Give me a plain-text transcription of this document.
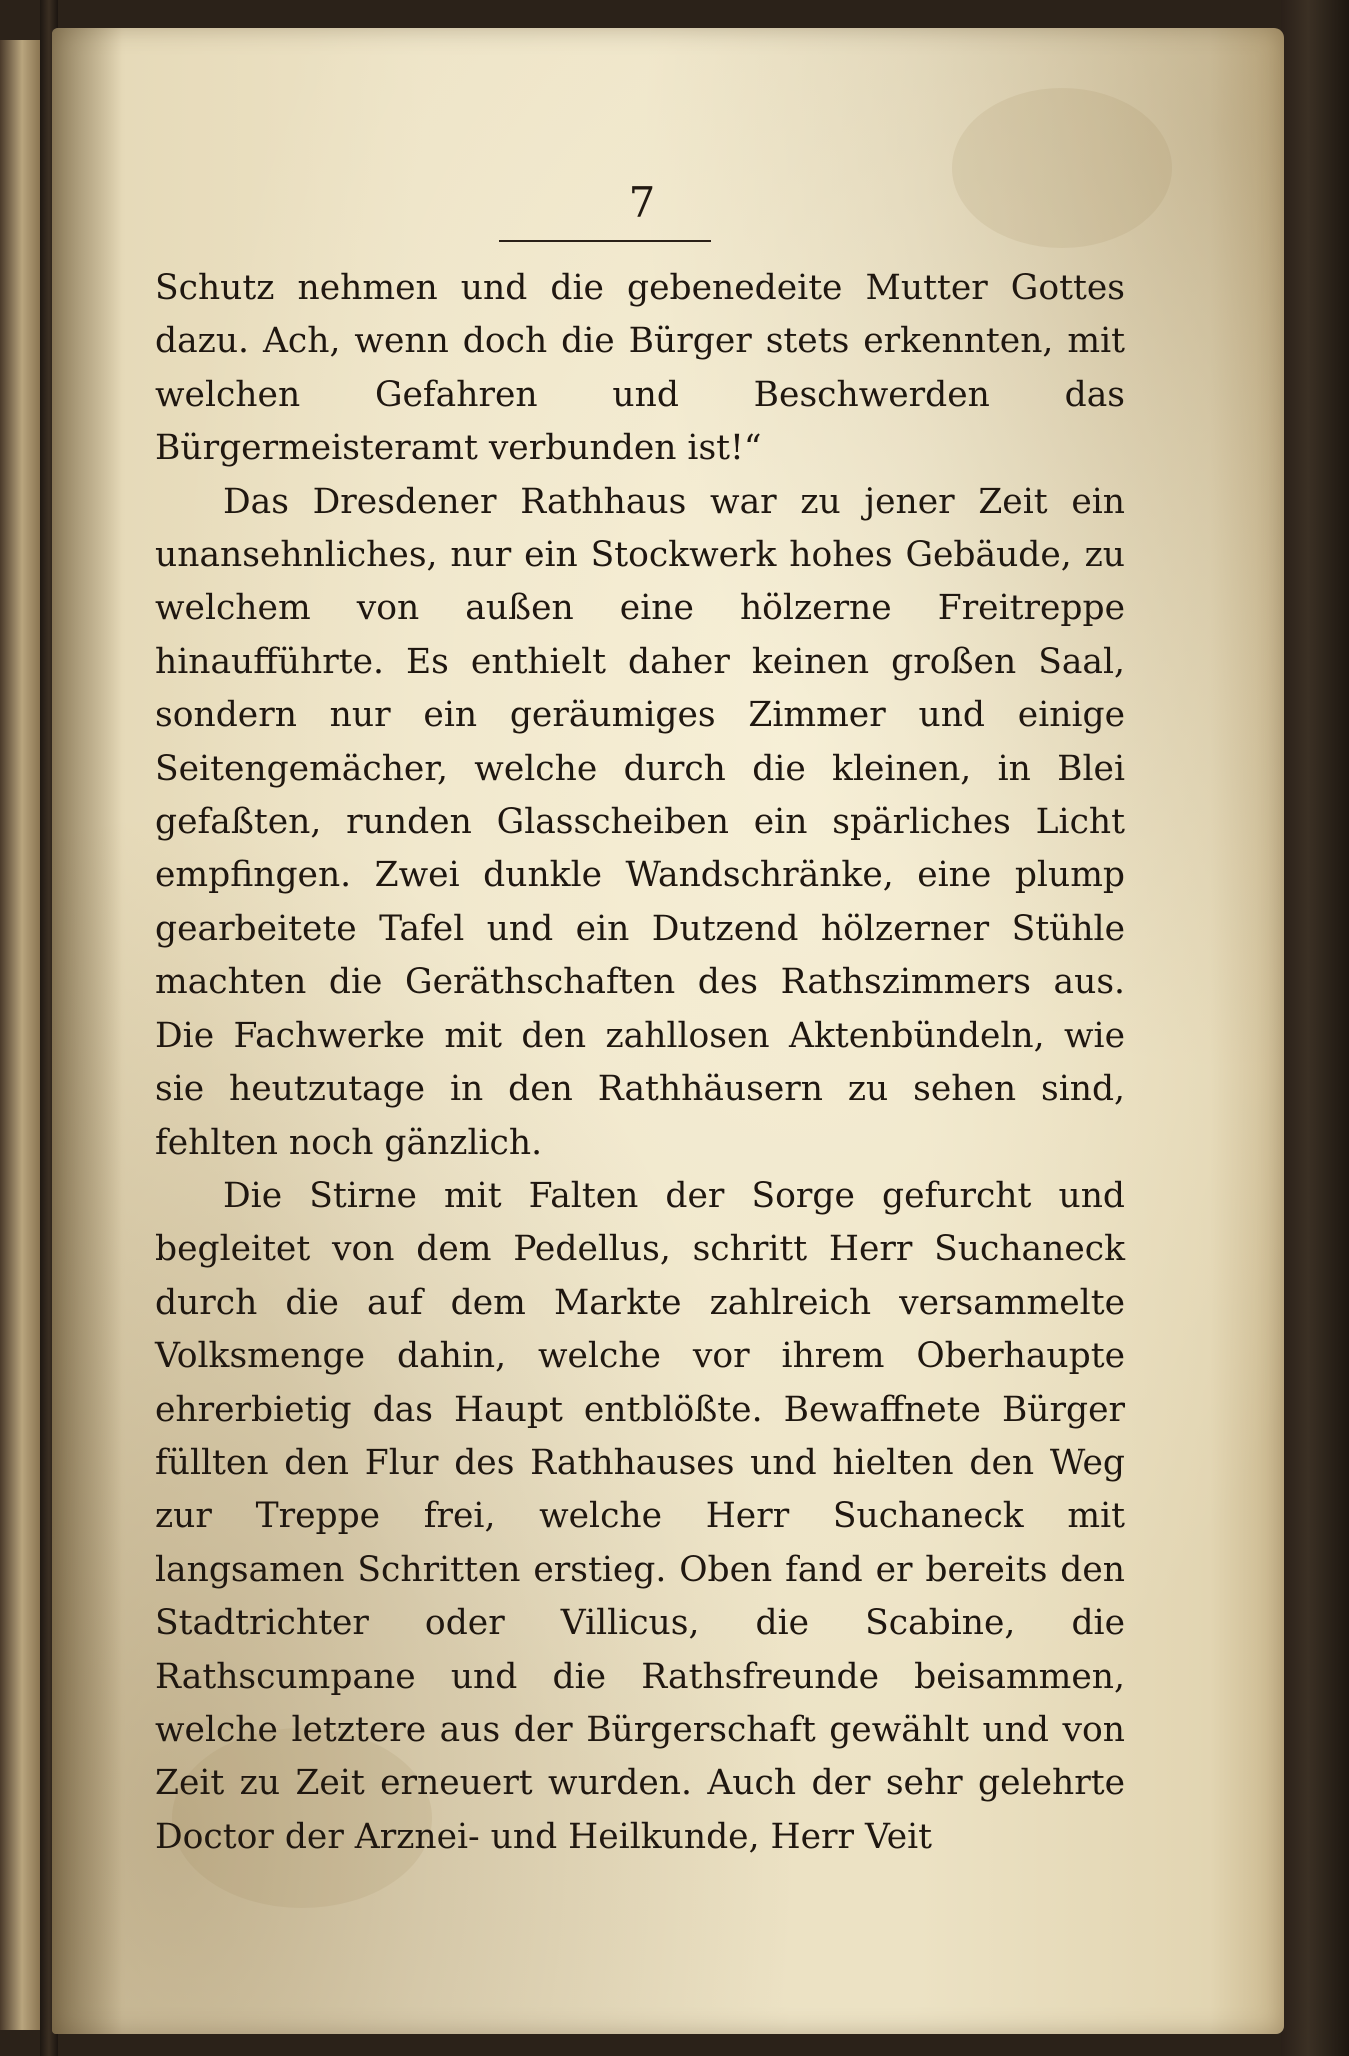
7

Schutz nehmen und die gebenedeite Mutter Gottes dazu. Ach, wenn doch die Bürger stets erkennten, mit welchen Gefahren und Beschwerden das Bürgermeisteramt verbunden ist!“

Das Dresdener Rathhaus war zu jener Zeit ein unansehnliches, nur ein Stockwerk hohes Gebäude, zu welchem von außen eine hölzerne Freitreppe hinaufführte. Es enthielt daher keinen großen Saal, sondern nur ein geräumiges Zimmer und einige Seitengemächer, welche durch die kleinen, in Blei gefaßten, runden Glasscheiben ein spärliches Licht empfingen. Zwei dunkle Wandschränke, eine plump gearbeitete Tafel und ein Dutzend hölzerner Stühle machten die Geräthschaften des Rathszimmers aus. Die Fachwerke mit den zahllosen Aktenbündeln, wie sie heutzutage in den Rathhäusern zu sehen sind, fehlten noch gänzlich.

Die Stirne mit Falten der Sorge gefurcht und begleitet von dem Pedellus, schritt Herr Suchaneck durch die auf dem Markte zahlreich versammelte Volksmenge dahin, welche vor ihrem Oberhaupte ehrerbietig das Haupt entblößte. Bewaffnete Bürger füllten den Flur des Rathhauses und hielten den Weg zur Treppe frei, welche Herr Suchaneck mit langsamen Schritten erstieg. Oben fand er bereits den Stadtrichter oder Villicus, die Scabine, die Rathscumpane und die Rathsfreunde beisammen, welche letztere aus der Bürgerschaft gewählt und von Zeit zu Zeit erneuert wurden. Auch der sehr gelehrte Doctor der Arznei- und Heilkunde, Herr Veit
